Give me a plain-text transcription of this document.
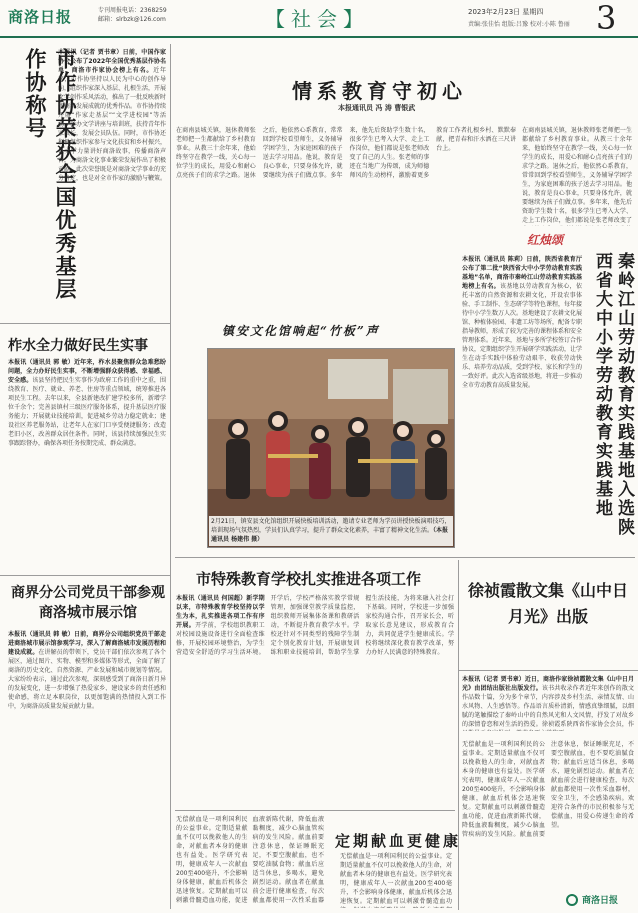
商洛日报	专刊周报电话：2368259
邮箱：slrbzk@126.com	【社会】	2023年2月23日 星期四
责编:张佳怡 组版:吕豫 校对:小陈 鲁丽 3
市作协荣获全国优秀基层作协称号	本报讯（记者 贾书章）日前，中国作家协会公布了2022年全国优秀基层作协名单，商洛市作家协会榜上有名。近年来，市作协坚持以人民为中心的创作导向，组织作家深入基层、扎根生活，开展文学创作采风活动，推出了一批反映新时代商洛发展成就的优秀作品。市作协持续开展“作家走基层”“文学进校园”等活动，举办文学讲座与培训班，扶持青年作家成长，发展会员队伍。同时，市作协还积极组织作家参与文化扶贫和乡村振兴，以文学力量讲好商洛故事，传播商洛声音，为商洛文化事业繁荣发展作出了积极贡献。此次荣誉既是对商洛文学事业的充分肯定，也是对全市作家的激励与鞭策。
柞水全力做好民生实事
本报讯（通讯员 郭 敏）近年来，柞水县聚焦群众急难愁盼问题，全力办好民生实事，不断增强群众获得感、幸福感、安全感。该县坚持把民生实事作为政府工作的重中之重，围绕教育、医疗、就业、养老、住房等重点领域，统筹推进各项民生工程。去年以来，全县新建改扩建学校多所，新增学位千余个；完善县镇村三级医疗服务体系，提升基层医疗服务能力；开展就业技能培训，促进城乡劳动力稳定就业；建设社区养老服务站，让老年人在家门口享受便捷服务；改造老旧小区，改善群众居住条件。同时，该县持续加强民生实事跟踪督办，确保各项任务按期完成、群众满意。
商界分公司党员干部参观商洛城市展示馆
本报讯（通讯员 韩 敏）日前，商界分公司组织党员干部走进商洛城市展示馆参观学习，深入了解商洛城市发展历程和建设成就。在讲解员的带领下，党员干部们依次参观了各个展区，通过图片、实物、模型和多媒体等形式，全面了解了商洛的历史文化、自然资源、产业发展和城市规划等情况。大家纷纷表示，通过此次参观，深刻感受到了商洛日新月异的发展变化，进一步增强了热爱家乡、建设家乡的责任感和使命感，将立足本职岗位，以更加饱满的热情投入到工作中，为商洛高质量发展贡献力量。
情系教育守初心
本报通讯员 冯 涛 曹银武
在商南县城关镇，退休教师张老师把一生都献给了乡村教育事业。从教三十余年来，他始终坚守在教学一线，关心每一位学生的成长，用爱心和耐心点亮孩子们的求学之路。退休之后，他依然心系教育，常常回到学校看望师生，义务辅导学困学生，为家庭困难的孩子送去学习用品。他说，教育是良心事业，只要身体允许，就要继续为孩子们做点事。多年来，他先后资助学生数十名，很多学生已考入大学、走上工作岗位，他们都说是张老师改变了自己的人生。张老师的事迹在当地广为传颂，成为师德师风的生动榜样，激励着更多教育工作者扎根乡村、默默奉献，把青春和汗水洒在三尺讲台上。
红烛颂
在商南县城关镇，退休教师张老师把一生都献给了乡村教育事业。从教三十余年来，他始终坚守在教学一线，关心每一位学生的成长，用爱心和耐心点亮孩子们的求学之路。退休之后，他依然心系教育，常常回到学校看望师生，义务辅导学困学生，为家庭困难的孩子送去学习用品。他说，教育是良心事业，只要身体允许，就要继续为孩子们做点事。多年来，他先后资助学生数十名，很多学生已考入大学、走上工作岗位，他们都说是张老师改变了
秦岭江山劳动教育实践基地入选陕西省大中小学劳动教育实践基地
本报讯（通讯员 陈莉）日前，陕西省教育厅公布了第二批“陕西省大中小学劳动教育实践基地”名单，商洛市秦岭江山劳动教育实践基地榜上有名。该基地以劳动教育为核心，依托丰富的自然资源和农耕文化，开设农事体验、手工制作、生态研学等特色课程，每年接待中小学生数万人次。基地建设了农耕文化展馆、种植体验园、非遗工坊等场所，配备专职指导教师，形成了较为完善的课程体系和安全管理体系。近年来，基地与多所学校签订合作协议，定期组织学生开展研学实践活动，让学生在动手实践中体验劳动艰辛、收获劳动快乐、培养劳动品质，受到学校、家长和学生的一致好评。此次入选省级基地，将进一步推动全市劳动教育高质量发展。
镇安文化馆响起“竹板”声
2月21日，镇安县文化馆组织开展快板培训活动，邀请专业老师为学员讲授快板演唱技巧，培训现场气氛热烈，学员们认真学习，提升了群众文化素养，丰富了精神文化生活。（本报通讯员 杨建伟 摄）
市特殊教育学校扎实推进各项工作
本报讯（通讯员 何国超）新学期以来，市特殊教育学校坚持以学生为本，扎实推进各项工作有序开展。开学前，学校组织教职工对校园设施设备进行全面检查维修，开展校园环境整治，为学生营造安全舒适的学习生活环境。开学后，学校严格落实教学常规管理，加强课堂教学质量监控，组织教师开展集体备课和教研活动，不断提升教育教学水平。学校还针对不同类型的残障学生制定个别化教育计划，开展康复训练和职业技能培训，帮助学生掌握生活技能，为将来融入社会打下基础。同时，学校进一步加强家校沟通合作，召开家长会，听取家长意见建议，形成教育合力，共同促进学生健康成长。学校将继续深化教育教学改革，努力办好人民满意的特殊教育。
徐祯霞散文集《山中日月光》出版
本报讯（记者 贾书章）近日，商洛作家徐祯霞散文集《山中日月光》由团结出版社出版发行。该书共收录作者近年来创作的散文作品数十篇，分为多个章节，内容涉及乡村生活、亲情友情、山水风物、人生感悟等。作品语言质朴清新，情感真挚细腻，以细腻的笔触描绘了秦岭山中的自然风光和人文风情，抒发了对故乡的深情眷恋和对生活的热爱。徐祯霞系陕西省作家协会会员，作
定期献血更健康
无偿献血是一项利国利民的公益事业。定期适量献血不仅可以挽救他人的生命，对献血者本身的健康也有益处。医学研究表明，健康成年人一次献血200至400毫升，不会影响身体健康，献血后机体会迅速恢复。定期献血可以刺激骨髓造血功能，促进血液新陈代谢，降低血液黏稠度，减少心脑血管疾病的发生风险。献血前要注意休息，保证睡眠充足，不要空腹献血，也不要吃油腻食物；献血后应适当休息，多喝水，避免剧烈运动。献血者在献血前会进行健康检查，每次献血都使用一次性采血器
无偿献血是一项利国利民的公益事业。定期适量献血不仅可以挽救他人的生命，对献血者本身的健康也有益处。医学研究表明，健康成年人一次献血200至400毫升，不会影响身体健康，献血后机体会迅速恢复。定期献血可以刺激骨髓造血功
无偿献血是一项利国利民的公益事业。定期适量献血不仅可以挽救他人的生命，对献血者本身的健康也有益处。医学研究表明，健康成年人一次献血200至400毫升，不会影响身体健康，献血后机体会迅速恢复。定期献血可以刺激骨髓造血功能，促进血液新陈代谢，降低血液黏稠度，减少心脑血管疾病的发生风险。献血前要注意休息，保证睡眠充足，不要空腹献血，也不要吃油腻食物；献血后应适当休息，多喝水，避免剧烈运动。献血者在献血前会进行健康检查，每次献血都使用一次性采血器材，安全卫生，不会感染疾病。欢迎符合条件的市民积极参与无偿献血，用爱心传递生命的希望。
商洛日报
